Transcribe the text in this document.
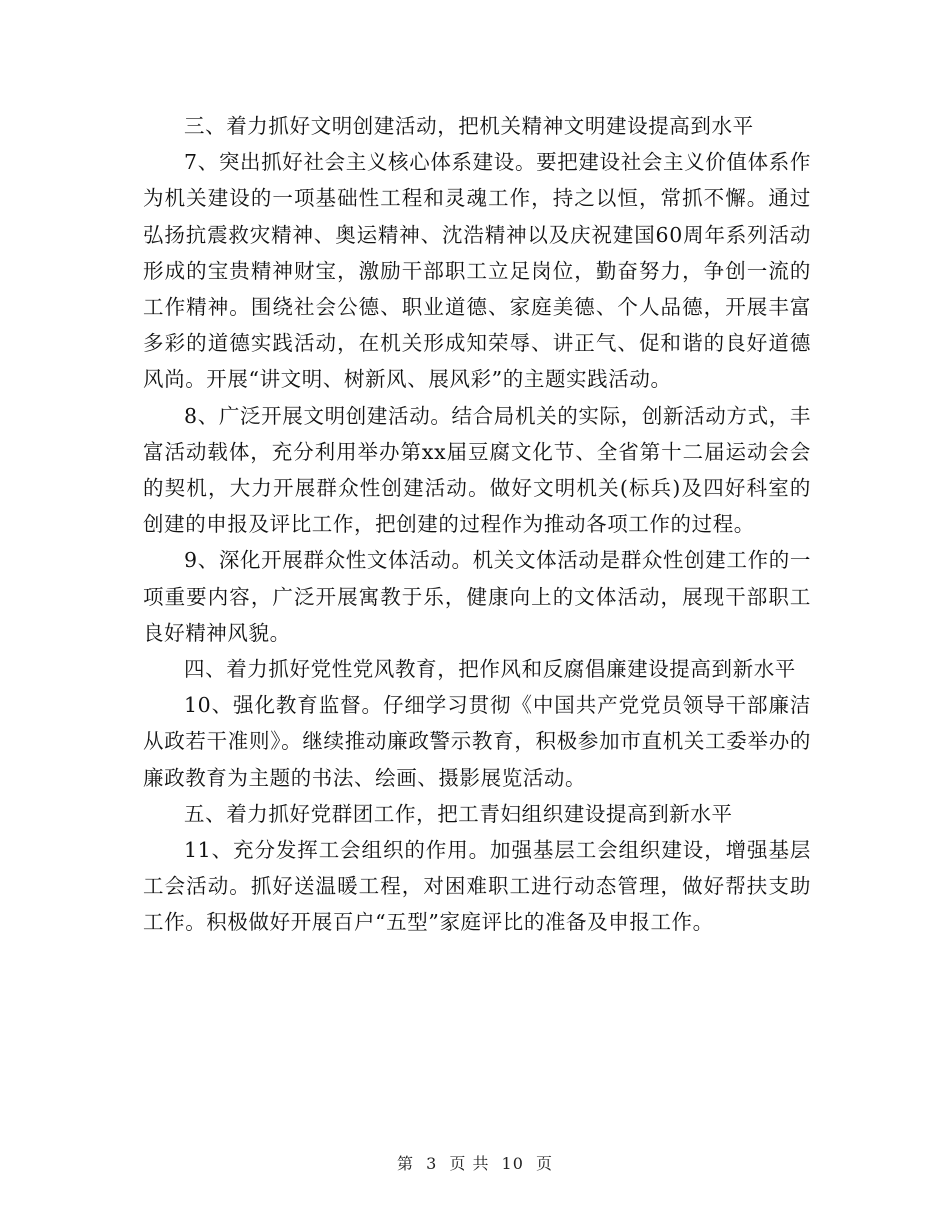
三、着力抓好文明创建活动，把机关精神文明建设提高到水平

7、突出抓好社会主义核心体系建设。要把建设社会主义价值体系作为机关建设的一项基础性工程和灵魂工作，持之以恒，常抓不懈。通过弘扬抗震救灾精神、奥运精神、沈浩精神以及庆祝建国60周年系列活动形成的宝贵精神财宝，激励干部职工立足岗位，勤奋努力，争创一流的工作精神。围绕社会公德、职业道德、家庭美德、个人品德，开展丰富多彩的道德实践活动，在机关形成知荣辱、讲正气、促和谐的良好道德风尚。开展“讲文明、树新风、展风彩”的主题实践活动。

8、广泛开展文明创建活动。结合局机关的实际，创新活动方式，丰富活动载体，充分利用举办第xx届豆腐文化节、全省第十二届运动会会的契机，大力开展群众性创建活动。做好文明机关(标兵)及四好科室的创建的申报及评比工作，把创建的过程作为推动各项工作的过程。

9、深化开展群众性文体活动。机关文体活动是群众性创建工作的一项重要内容，广泛开展寓教于乐，健康向上的文体活动，展现干部职工良好精神风貌。

四、着力抓好党性党风教育，把作风和反腐倡廉建设提高到新水平

10、强化教育监督。仔细学习贯彻《中国共产党党员领导干部廉洁从政若干准则》。继续推动廉政警示教育，积极参加市直机关工委举办的廉政教育为主题的书法、绘画、摄影展览活动。

五、着力抓好党群团工作，把工青妇组织建设提高到新水平

11、充分发挥工会组织的作用。加强基层工会组织建设，增强基层工会活动。抓好送温暖工程，对困难职工进行动态管理，做好帮扶支助工作。积极做好开展百户“五型”家庭评比的准备及申报工作。

第 3 页 共 10 页
